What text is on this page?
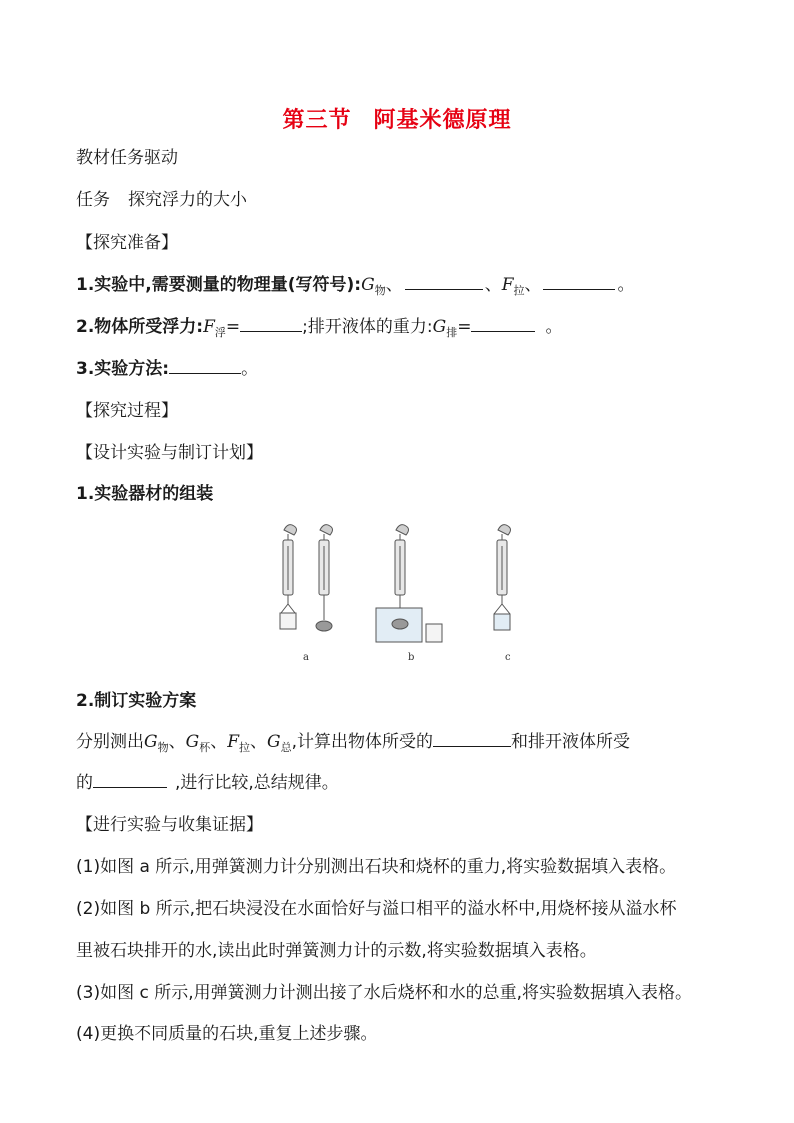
第三节 阿基米德原理
教材任务驱动
任务 探究浮力的大小
【探究准备】
1.实验中,需要测量的物理量(写符号)$:G_物$、	、$F_拉$、	。
2.物体所受浮力$:F_浮=$	;排开液体的重力$:G_排=$	。
3.实验方法:	。
【探究过程】
【设计实验与制订计划】
1.实验器材的组装
a	b	c
2.制订实验方案
分别测出$G_物$、$G_杯$、$F_拉$、$G_总$,计算出物体所受的	和排开液体所受
的	,进行比较,总结规律。
【进行实验与收集证据】
(1)如图 a 所示,用弹簧测力计分别测出石块和烧杯的重力,将实验数据填入表格。
(2)如图 b 所示,把石块浸没在水面恰好与溢口相平的溢水杯中,用烧杯接从溢水杯
里被石块排开的水,读出此时弹簧测力计的示数,将实验数据填入表格。
(3)如图 c 所示,用弹簧测力计测出接了水后烧杯和水的总重,将实验数据填入表格。
(4)更换不同质量的石块,重复上述步骤。
